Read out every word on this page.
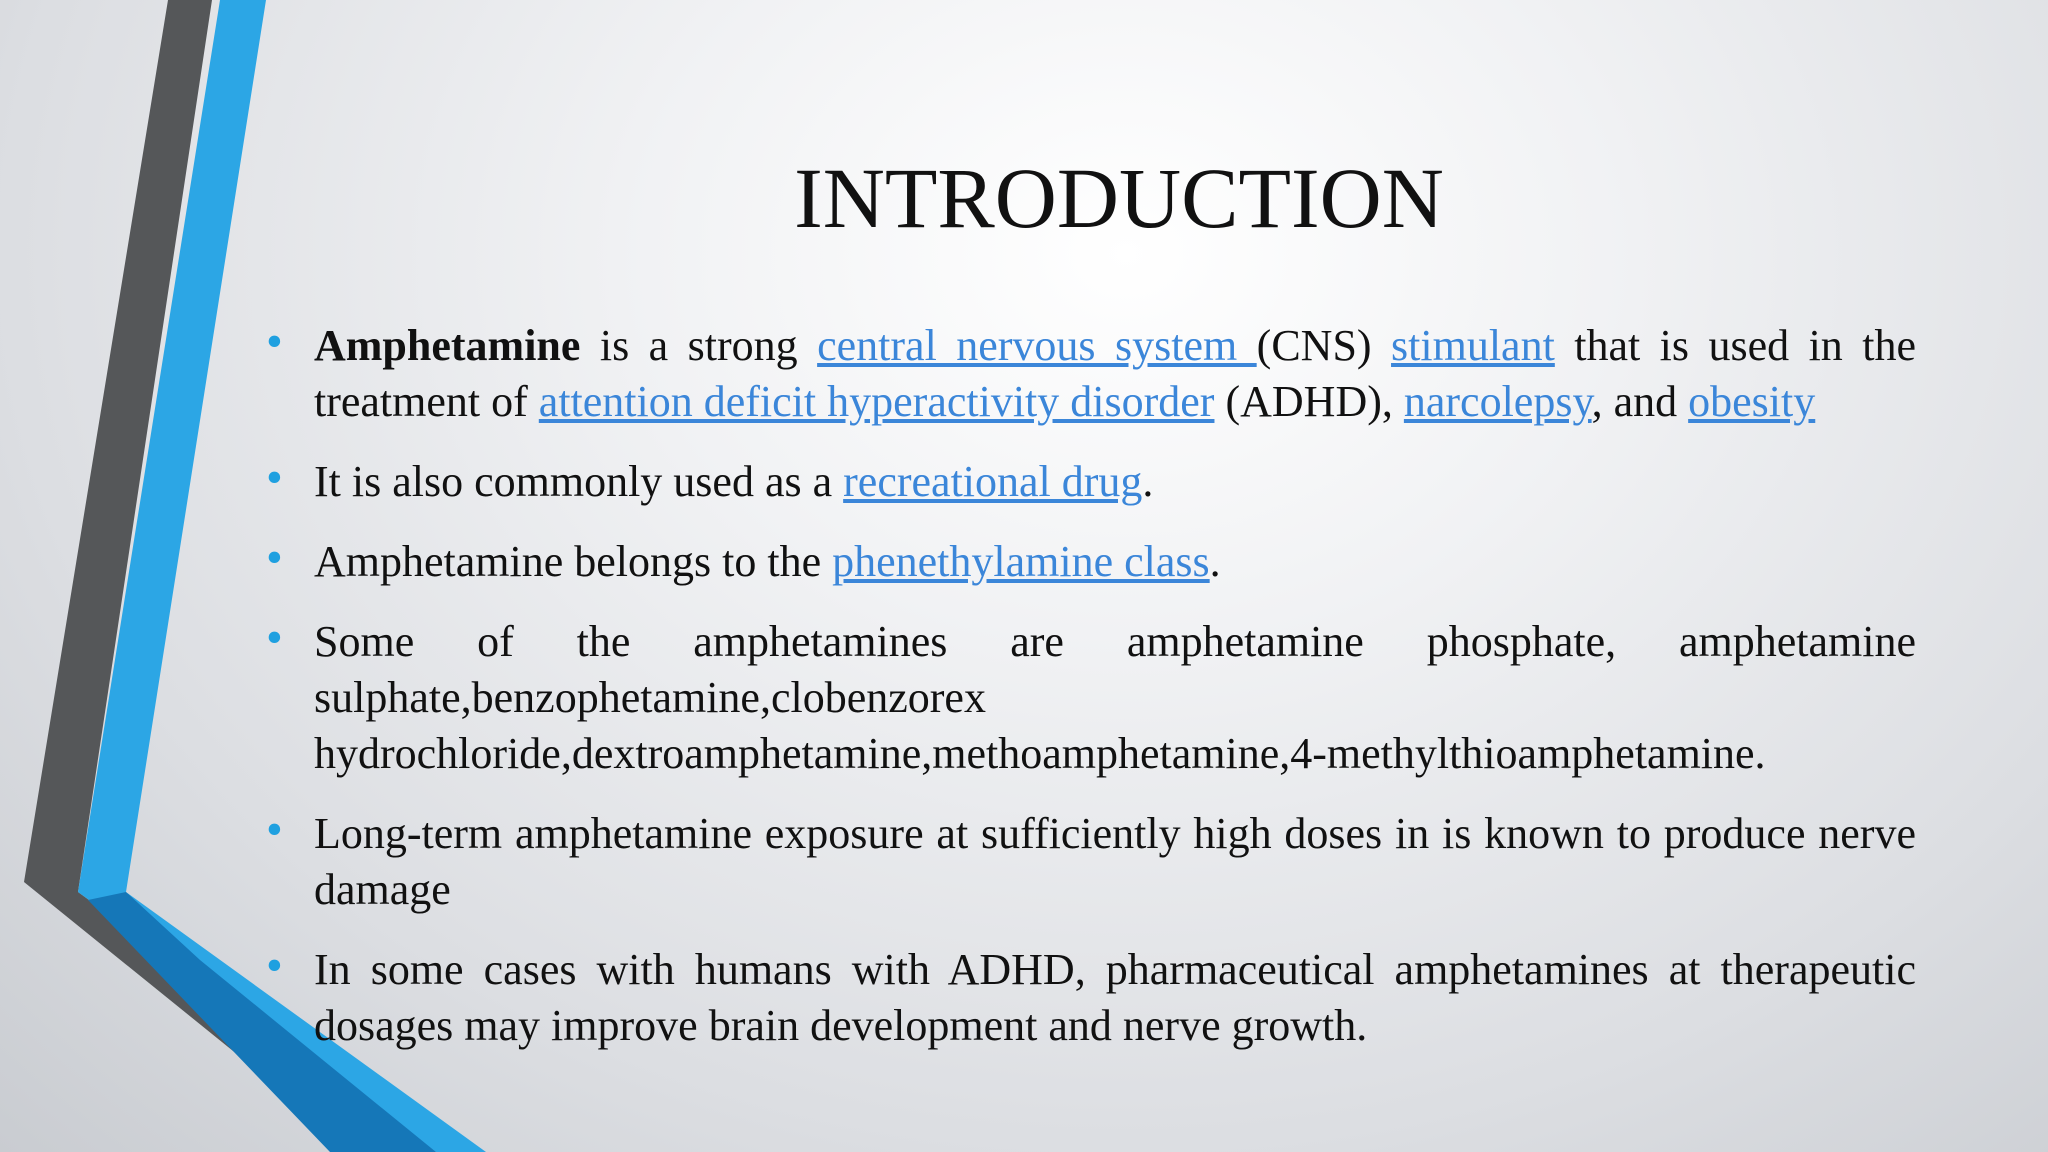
INTRODUCTION
• Amphetamine is a strong central nervous system (CNS) stimulant that is used in the treatment of attention deficit hyperactivity disorder (ADHD), narcolepsy, and obesity
• It is also commonly used as a recreational drug.
• Amphetamine belongs to the phenethylamine class.
• Some of the amphetamines are amphetamine phosphate, amphetamine sulphate,benzophetamine,clobenzorex hydrochloride,dextroamphetamine,methoamphetamine,4-methylthioamphetamine.
• Long-term amphetamine exposure at sufficiently high doses in is known to produce nerve damage
• In some cases with humans with ADHD, pharmaceutical amphetamines at therapeutic dosages may improve brain development and nerve growth.
